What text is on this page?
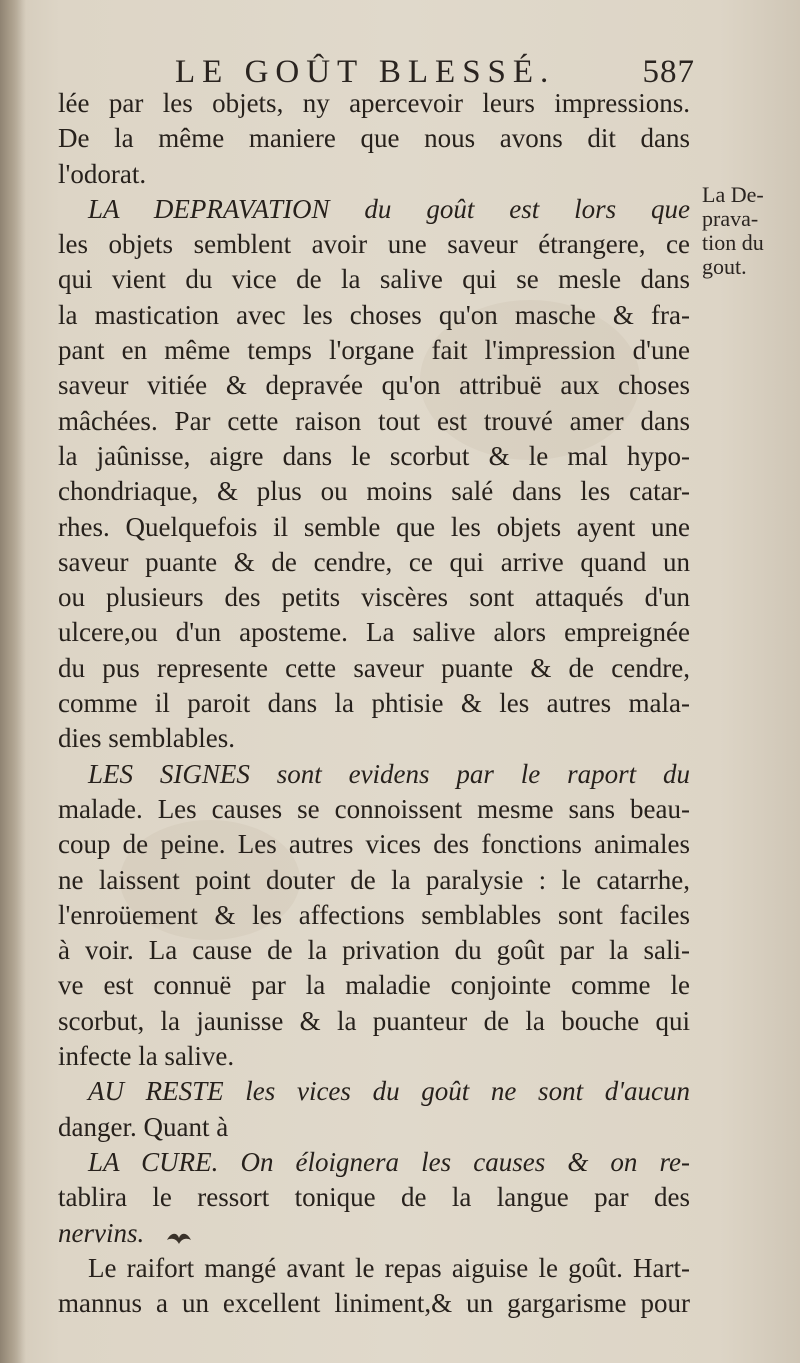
LE GOÛT BLESSÉ.	587
lée par les objets, ny apercevoir leurs impressions.
De la même maniere que nous avons dit dans
l'odorat.
LA DEPRAVATION du goût est lors que
les objets semblent avoir une saveur étrangere, ce
qui vient du vice de la salive qui se mesle dans
la mastication avec les choses qu'on masche & fra-
pant en même temps l'organe fait l'impression d'une
saveur vitiée & depravée qu'on attribuë aux choses
mâchées. Par cette raison tout est trouvé amer dans
la jaûnisse, aigre dans le scorbut & le mal hypo-
chondriaque, & plus ou moins salé dans les catar-
rhes. Quelquefois il semble que les objets ayent une
saveur puante & de cendre, ce qui arrive quand un
ou plusieurs des petits viscères sont attaqués d'un
ulcere,ou d'un aposteme. La salive alors empreignée
du pus represente cette saveur puante & de cendre,
comme il paroit dans la phtisie & les autres mala-
dies semblables.
LES SIGNES sont evidens par le raport du
malade. Les causes se connoissent mesme sans beau-
coup de peine. Les autres vices des fonctions animales
ne laissent point douter de la paralysie : le catarrhe,
l'enroüement & les affections semblables sont faciles
à voir. La cause de la privation du goût par la sali-
ve est connuë par la maladie conjointe comme le
scorbut, la jaunisse & la puanteur de la bouche qui
infecte la salive.
AU RESTE les vices du goût ne sont d'aucun
danger. Quant à
LA CURE. On éloignera les causes & on re-
tablira le ressort tonique de la langue par des
nervins.
Le raifort mangé avant le repas aiguise le goût. Hart-
mannus a un excellent liniment,& un gargarisme pour
La De-
prava-
tion du
gout.
